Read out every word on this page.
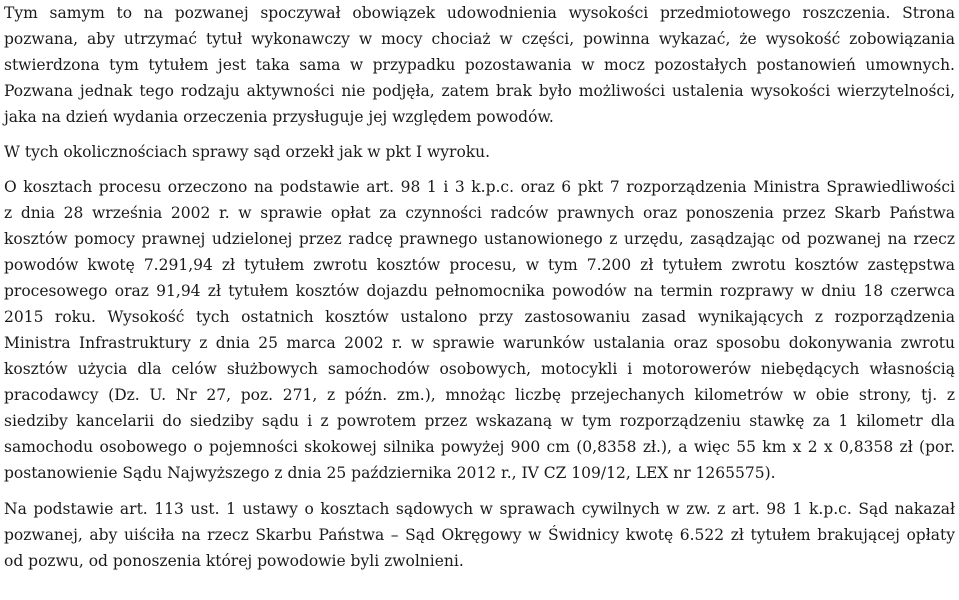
Tym samym to na pozwanej spoczywał obowiązek udowodnienia wysokości przedmiotowego roszczenia. Strona
pozwana, aby utrzymać tytuł wykonawczy w mocy chociaż w części, powinna wykazać, że wysokość zobowiązania
stwierdzona tym tytułem jest taka sama w przypadku pozostawania w mocz pozostałych postanowień umownych.
Pozwana jednak tego rodzaju aktywności nie podjęła, zatem brak było możliwości ustalenia wysokości wierzytelności,
jaka na dzień wydania orzeczenia przysługuje jej względem powodów.
W tych okolicznościach sprawy sąd orzekł jak w pkt I wyroku.
O kosztach procesu orzeczono na podstawie art. 98 1 i 3 k.p.c. oraz 6 pkt 7 rozporządzenia Ministra Sprawiedliwości
z dnia 28 września 2002 r. w sprawie opłat za czynności radców prawnych oraz ponoszenia przez Skarb Państwa
kosztów pomocy prawnej udzielonej przez radcę prawnego ustanowionego z urzędu, zasądzając od pozwanej na rzecz
powodów kwotę 7.291,94 zł tytułem zwrotu kosztów procesu, w tym 7.200 zł tytułem zwrotu kosztów zastępstwa
procesowego oraz 91,94 zł tytułem kosztów dojazdu pełnomocnika powodów na termin rozprawy w dniu 18 czerwca
2015 roku. Wysokość tych ostatnich kosztów ustalono przy zastosowaniu zasad wynikających z rozporządzenia
Ministra Infrastruktury z dnia 25 marca 2002 r. w sprawie warunków ustalania oraz sposobu dokonywania zwrotu
kosztów użycia dla celów służbowych samochodów osobowych, motocykli i motorowerów niebędących własnością
pracodawcy (Dz. U. Nr 27, poz. 271, z późn. zm.), mnożąc liczbę przejechanych kilometrów w obie strony, tj. z
siedziby kancelarii do siedziby sądu i z powrotem przez wskazaną w tym rozporządzeniu stawkę za 1 kilometr dla
samochodu osobowego o pojemności skokowej silnika powyżej 900 cm (0,8358 zł.), a więc 55 km x 2 x 0,8358 zł (por.
postanowienie Sądu Najwyższego z dnia 25 października 2012 r., IV CZ 109/12, LEX nr 1265575).
Na podstawie art. 113 ust. 1 ustawy o kosztach sądowych w sprawach cywilnych w zw. z art. 98 1 k.p.c. Sąd nakazał
pozwanej, aby uiściła na rzecz Skarbu Państwa – Sąd Okręgowy w Świdnicy kwotę 6.522 zł tytułem brakującej opłaty
od pozwu, od ponoszenia której powodowie byli zwolnieni.
